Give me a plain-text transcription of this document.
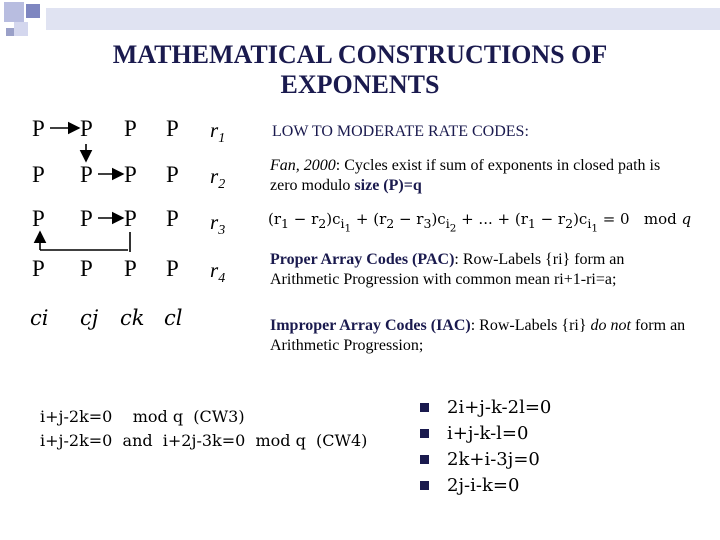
MATHEMATICAL CONSTRUCTIONS OF EXPONENTS
P P P P
P P P P
P P P P
P P P P
ci cj ck cl
$r_1$
$r_2$
$r_3$
$r_4$
LOW TO MODERATE RATE CODES:
Fan, 2000: Cycles exist if sum of exponents in closed path is zero modulo size (P)=q
$(r_1 - r_2)c_{i_1} + (r_2 - r_3)c_{i_2}$ + ... + $(r_1 - r_2)c_{i_1} = 0$   mod q
Proper Array Codes (PAC): Row-Labels {ri} form an Arithmetic Progression with common mean ri+1-ri=a;
Improper Array Codes (IAC): Row-Labels {ri} do not form an Arithmetic Progression;
i+j-2k=0    mod q  (CW3)
i+j-2k=0  and  i+2j-3k=0  mod q  (CW4)
2i+j-k-2l=0
i+j-k-l=0
2k+i-3j=0
2j-i-k=0
